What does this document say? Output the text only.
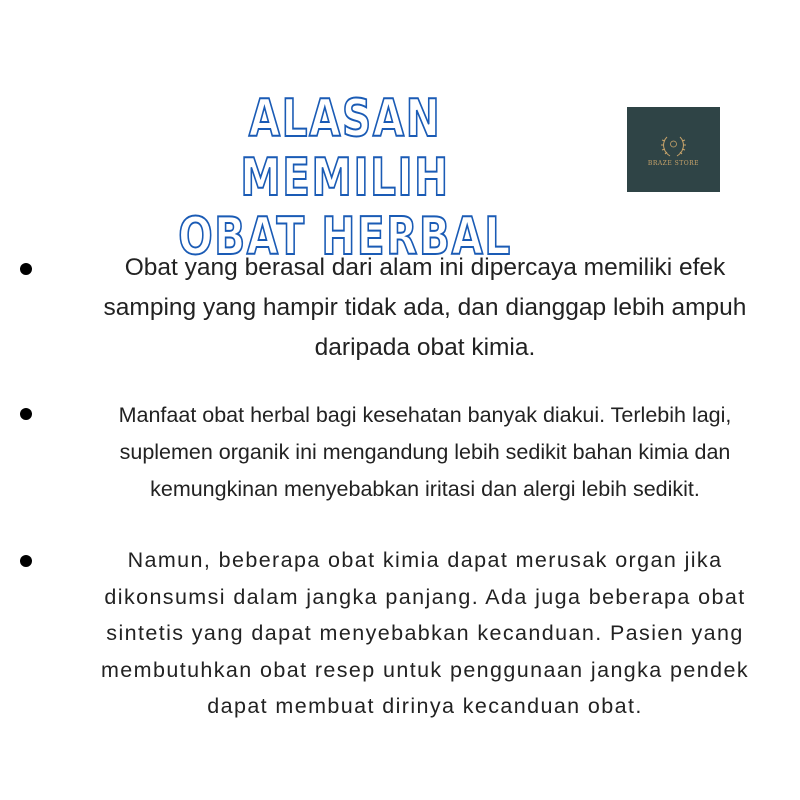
ALASAN MEMILIH
OBAT HERBAL
BRAZE STORE
Obat yang berasal dari alam ini dipercaya memiliki efek
samping yang hampir tidak ada, dan dianggap lebih ampuh
daripada obat kimia.
Manfaat obat herbal bagi kesehatan banyak diakui. Terlebih lagi,
suplemen organik ini mengandung lebih sedikit bahan kimia dan
kemungkinan menyebabkan iritasi dan alergi lebih sedikit.
Namun, beberapa obat kimia dapat merusak organ jika
dikonsumsi dalam jangka panjang. Ada juga beberapa obat
sintetis yang dapat menyebabkan kecanduan. Pasien yang
membutuhkan obat resep untuk penggunaan jangka pendek
dapat membuat dirinya kecanduan obat.
